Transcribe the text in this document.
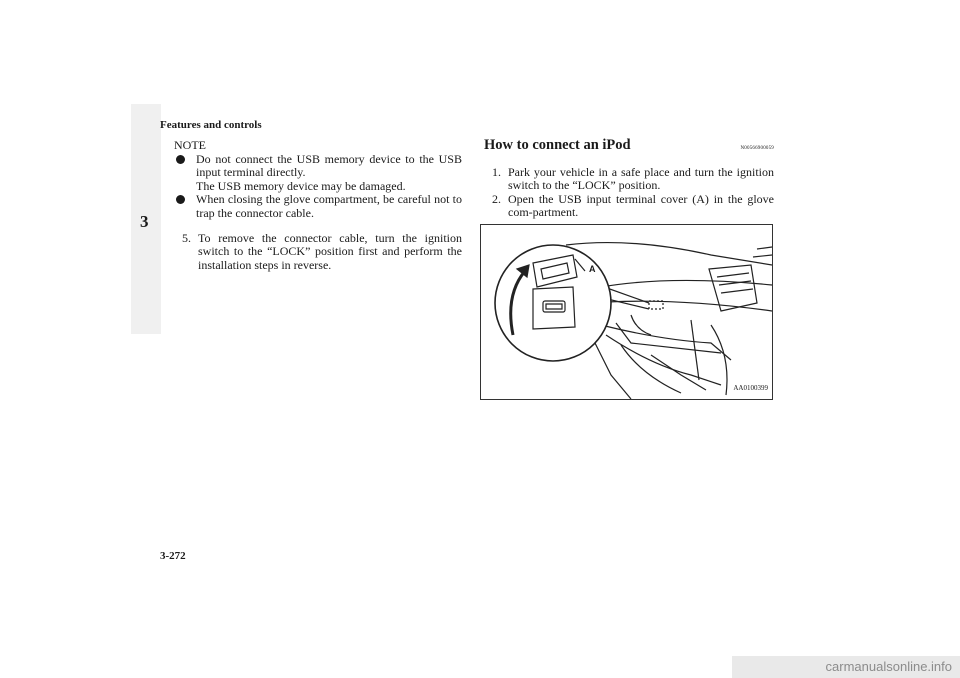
3
Features and controls
NOTE
Do not connect the USB memory device to the USB input terminal directly.
The USB memory device may be damaged.
When closing the glove compartment, be careful not to trap the connector cable.
5. To remove the connector cable, turn the ignition switch to the “LOCK” position first and perform the installation steps in reverse.
How to connect an iPod	N00566900059
1. Park your vehicle in a safe place and turn the ignition switch to the “LOCK” position.
2. Open the USB input terminal cover (A) in the glove com-partment.
A
AA0100399
3-272
carmanualsonline.info
